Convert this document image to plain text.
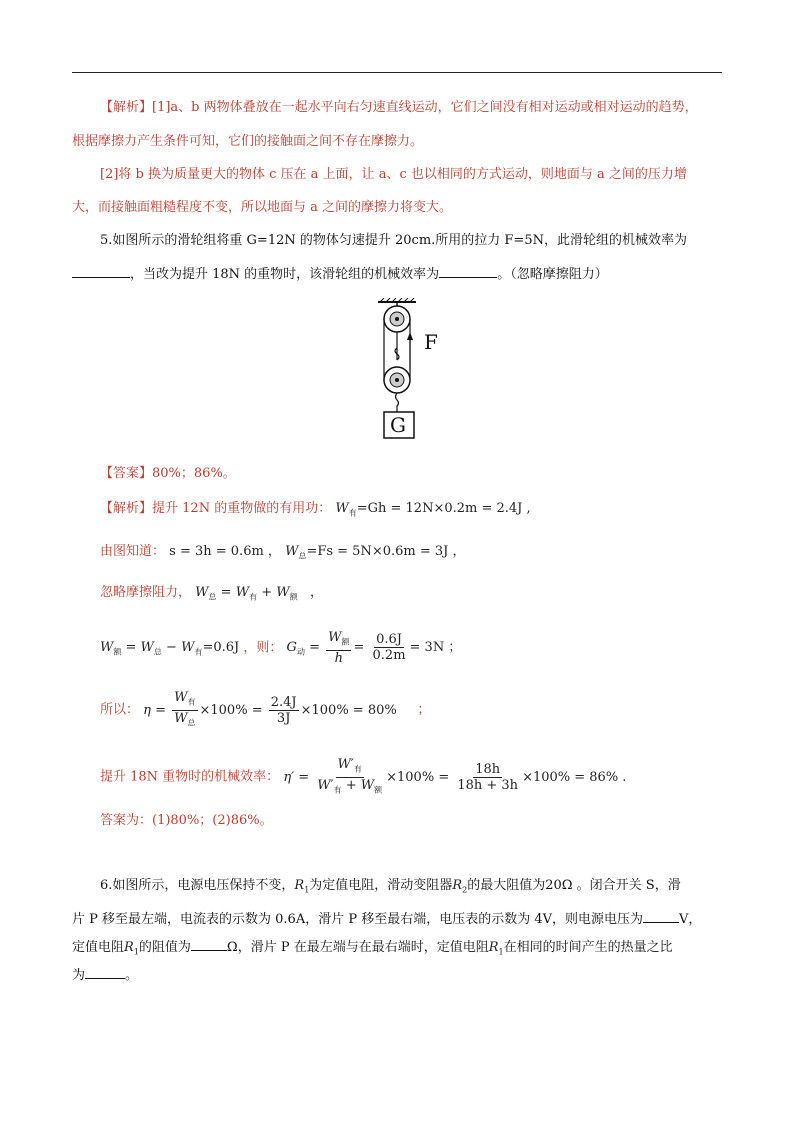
【解析】[1]a、b 两物体叠放在一起水平向右匀速直线运动，它们之间没有相对运动或相对运动的趋势，
根据摩擦力产生条件可知，它们的接触面之间不存在摩擦力。
[2]将 b 换为质量更大的物体 c 压在 a 上面，让 a、c 也以相同的方式运动，则地面与 a 之间的压力增
大，而接触面粗糙程度不变，所以地面与 a 之间的摩擦力将变大。
5.如图所示的滑轮组将重 G=12N 的物体匀速提升 20cm.所用的拉力 F=5N，此滑轮组的机械效率为
，当改为提升 18N 的重物时，该滑轮组的机械效率为	。（忽略摩擦阻力）
F
G
【答案】80%；86%。
【解析】提升 12N 的重物做的有用功： $W_有=Gh = 12N\times 0.2m = 2.4J$ ,
由图知道： s = 3h = 0.6m ， $W_总=Fs = 5N\times 0.6m = 3J$ ，
忽略摩擦阻力， $W_总 = W_有 + W_额$ ，
$W_额 = W_总 - W_有=0.6J$ ，则： $G_动 = \frac{W_额}{h} = \frac{0.6J}{0.2m} = 3N$ ；
所以： $\eta = \frac{W_有}{W_总} \times 100\% = \frac{2.4J}{3J} \times 100\% = 80\%$ ；
提升 18N 重物时的机械效率： $\eta' = \frac{W'_有}{W'_有 + W_额} \times 100\% = \frac{18h}{18h + 3h} \times 100\% = 86\%$ .
答案为：(1)80%；(2)86%。
6.如图所示，电源电压保持不变，$R_1$为定值电阻，滑动变阻器$R_2$的最大阻值为20Ω 。闭合开关 S，滑
片 P 移至最左端，电流表的示数为 0.6A，滑片 P 移至最右端，电压表的示数为 4V，则电源电压为	V，
定值电阻$R_1$的阻值为	Ω，滑片 P 在最左端与在最右端时，定值电阻$R_1$在相同的时间产生的热量之比
为	。
